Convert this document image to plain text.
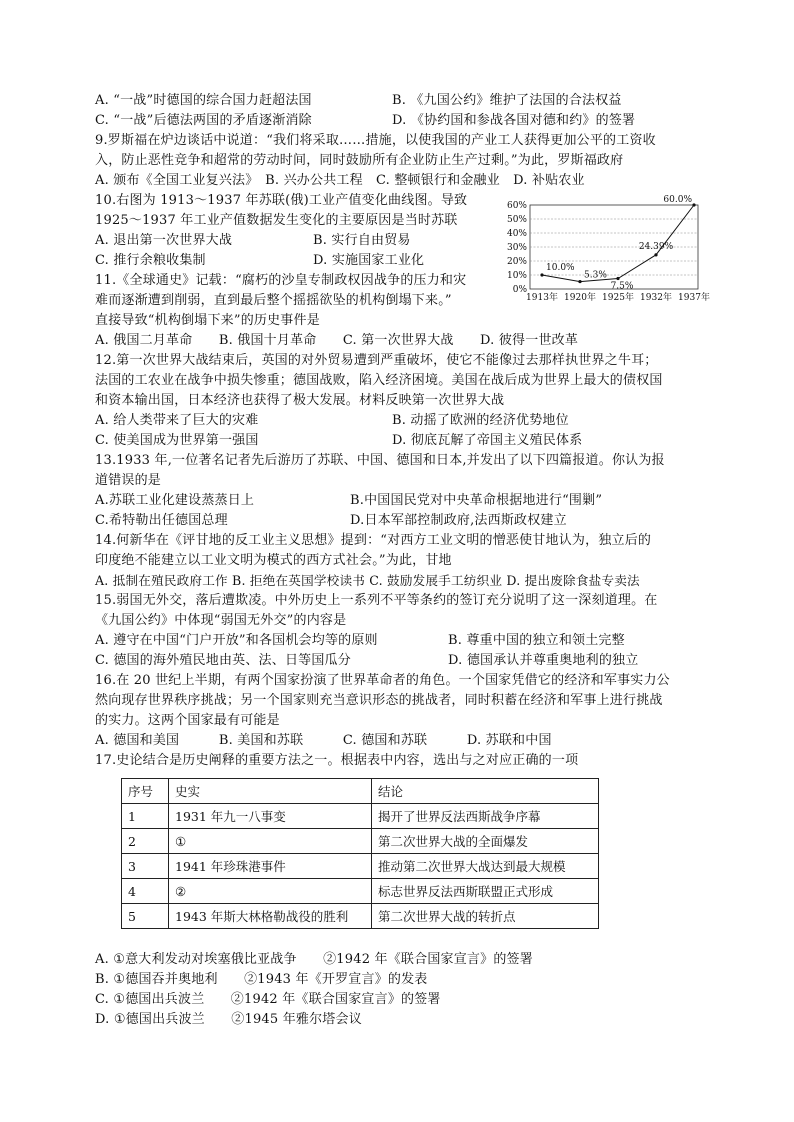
A. “一战”时德国的综合国力赶超法国	B. 《九国公约》维护了法国的合法权益
C. “一战”后德法两国的矛盾逐渐消除	D. 《协约国和参战各国对德和约》的签署
9.罗斯福在炉边谈话中说道：“我们将采取……措施，以使我国的产业工人获得更加公平的工资收
入，防止恶性竞争和超常的劳动时间，同时鼓励所有企业防止生产过剩。”为此，罗斯福政府
A. 颁布《全国工业复兴法》　B. 兴办公共工程　C. 整顿银行和金融业　D. 补贴农业
10.右图为 1913～1937 年苏联(俄)工业产值变化曲线图。导致
1925～1937 年工业产值数据发生变化的主要原因是当时苏联
A. 退出第一次世界大战	B. 实行自由贸易
C. 推行余粮收集制	D. 实施国家工业化
0%
10%
20%
30%
40%
50%
60%
10.0%
5.3%
7.5%
24.39%
60.0%
1913年 1920年 1925年 1932年 1937年
11.《全球通史》记载：“腐朽的沙皇专制政权因战争的压力和灾
难而逐渐遭到削弱，直到最后整个摇摇欲坠的机构倒塌下来。”
直接导致“机构倒塌下来”的历史事件是
A. 俄国二月革命　　B. 俄国十月革命　　C. 第一次世界大战　　D. 彼得一世改革
12.第一次世界大战结束后，英国的对外贸易遭到严重破坏，使它不能像过去那样执世界之牛耳；
法国的工农业在战争中损失惨重；德国战败，陷入经济困境。美国在战后成为世界上最大的债权国
和资本输出国，日本经济也获得了极大发展。材料反映第一次世界大战
A. 给人类带来了巨大的灾难	B. 动摇了欧洲的经济优势地位
C. 使美国成为世界第一强国	D. 彻底瓦解了帝国主义殖民体系
13.1933 年,一位著名记者先后游历了苏联、中国、德国和日本,并发出了以下四篇报道。你认为报
道错误的是
A.苏联工业化建设蒸蒸日上	B.中国国民党对中央革命根据地进行“围剿”
C.希特勒出任德国总理	D.日本军部控制政府,法西斯政权建立
14.何新华在《评甘地的反工业主义思想》提到：“对西方工业文明的憎恶使甘地认为，独立后的
印度绝不能建立以工业文明为模式的西方式社会。”为此，甘地
A. 抵制在殖民政府工作 B. 拒绝在英国学校读书 C. 鼓励发展手工纺织业 D. 提出废除食盐专卖法
15.弱国无外交，落后遭欺凌。中外历史上一系列不平等条约的签订充分说明了这一深刻道理。在
《九国公约》中体现“弱国无外交”的内容是
A. 遵守在中国“门户开放”和各国机会均等的原则	B. 尊重中国的独立和领土完整
C. 德国的海外殖民地由英、法、日等国瓜分	D. 德国承认并尊重奥地利的独立
16.在 20 世纪上半期，有两个国家扮演了世界革命者的角色。一个国家凭借它的经济和军事实力公
然向现存世界秩序挑战；另一个国家则充当意识形态的挑战者，同时积蓄在经济和军事上进行挑战
的实力。这两个国家最有可能是
A. 德国和美国　　　B. 美国和苏联　　　C. 德国和苏联　　　D. 苏联和中国
17.史论结合是历史阐释的重要方法之一。根据表中内容，选出与之对应正确的一项
序号	史实	结论
1	1931 年九一八事变	揭开了世界反法西斯战争序幕
2	①	第二次世界大战的全面爆发
3	1941 年珍珠港事件	推动第二次世界大战达到最大规模
4	②	标志世界反法西斯联盟正式形成
5	1943 年斯大林格勒战役的胜利	第二次世界大战的转折点
A. ①意大利发动对埃塞俄比亚战争　　②1942 年《联合国家宣言》的签署
B. ①德国吞并奥地利　　②1943 年《开罗宣言》的发表
C. ①德国出兵波兰　　②1942 年《联合国家宣言》的签署
D. ①德国出兵波兰　　②1945 年雅尔塔会议
